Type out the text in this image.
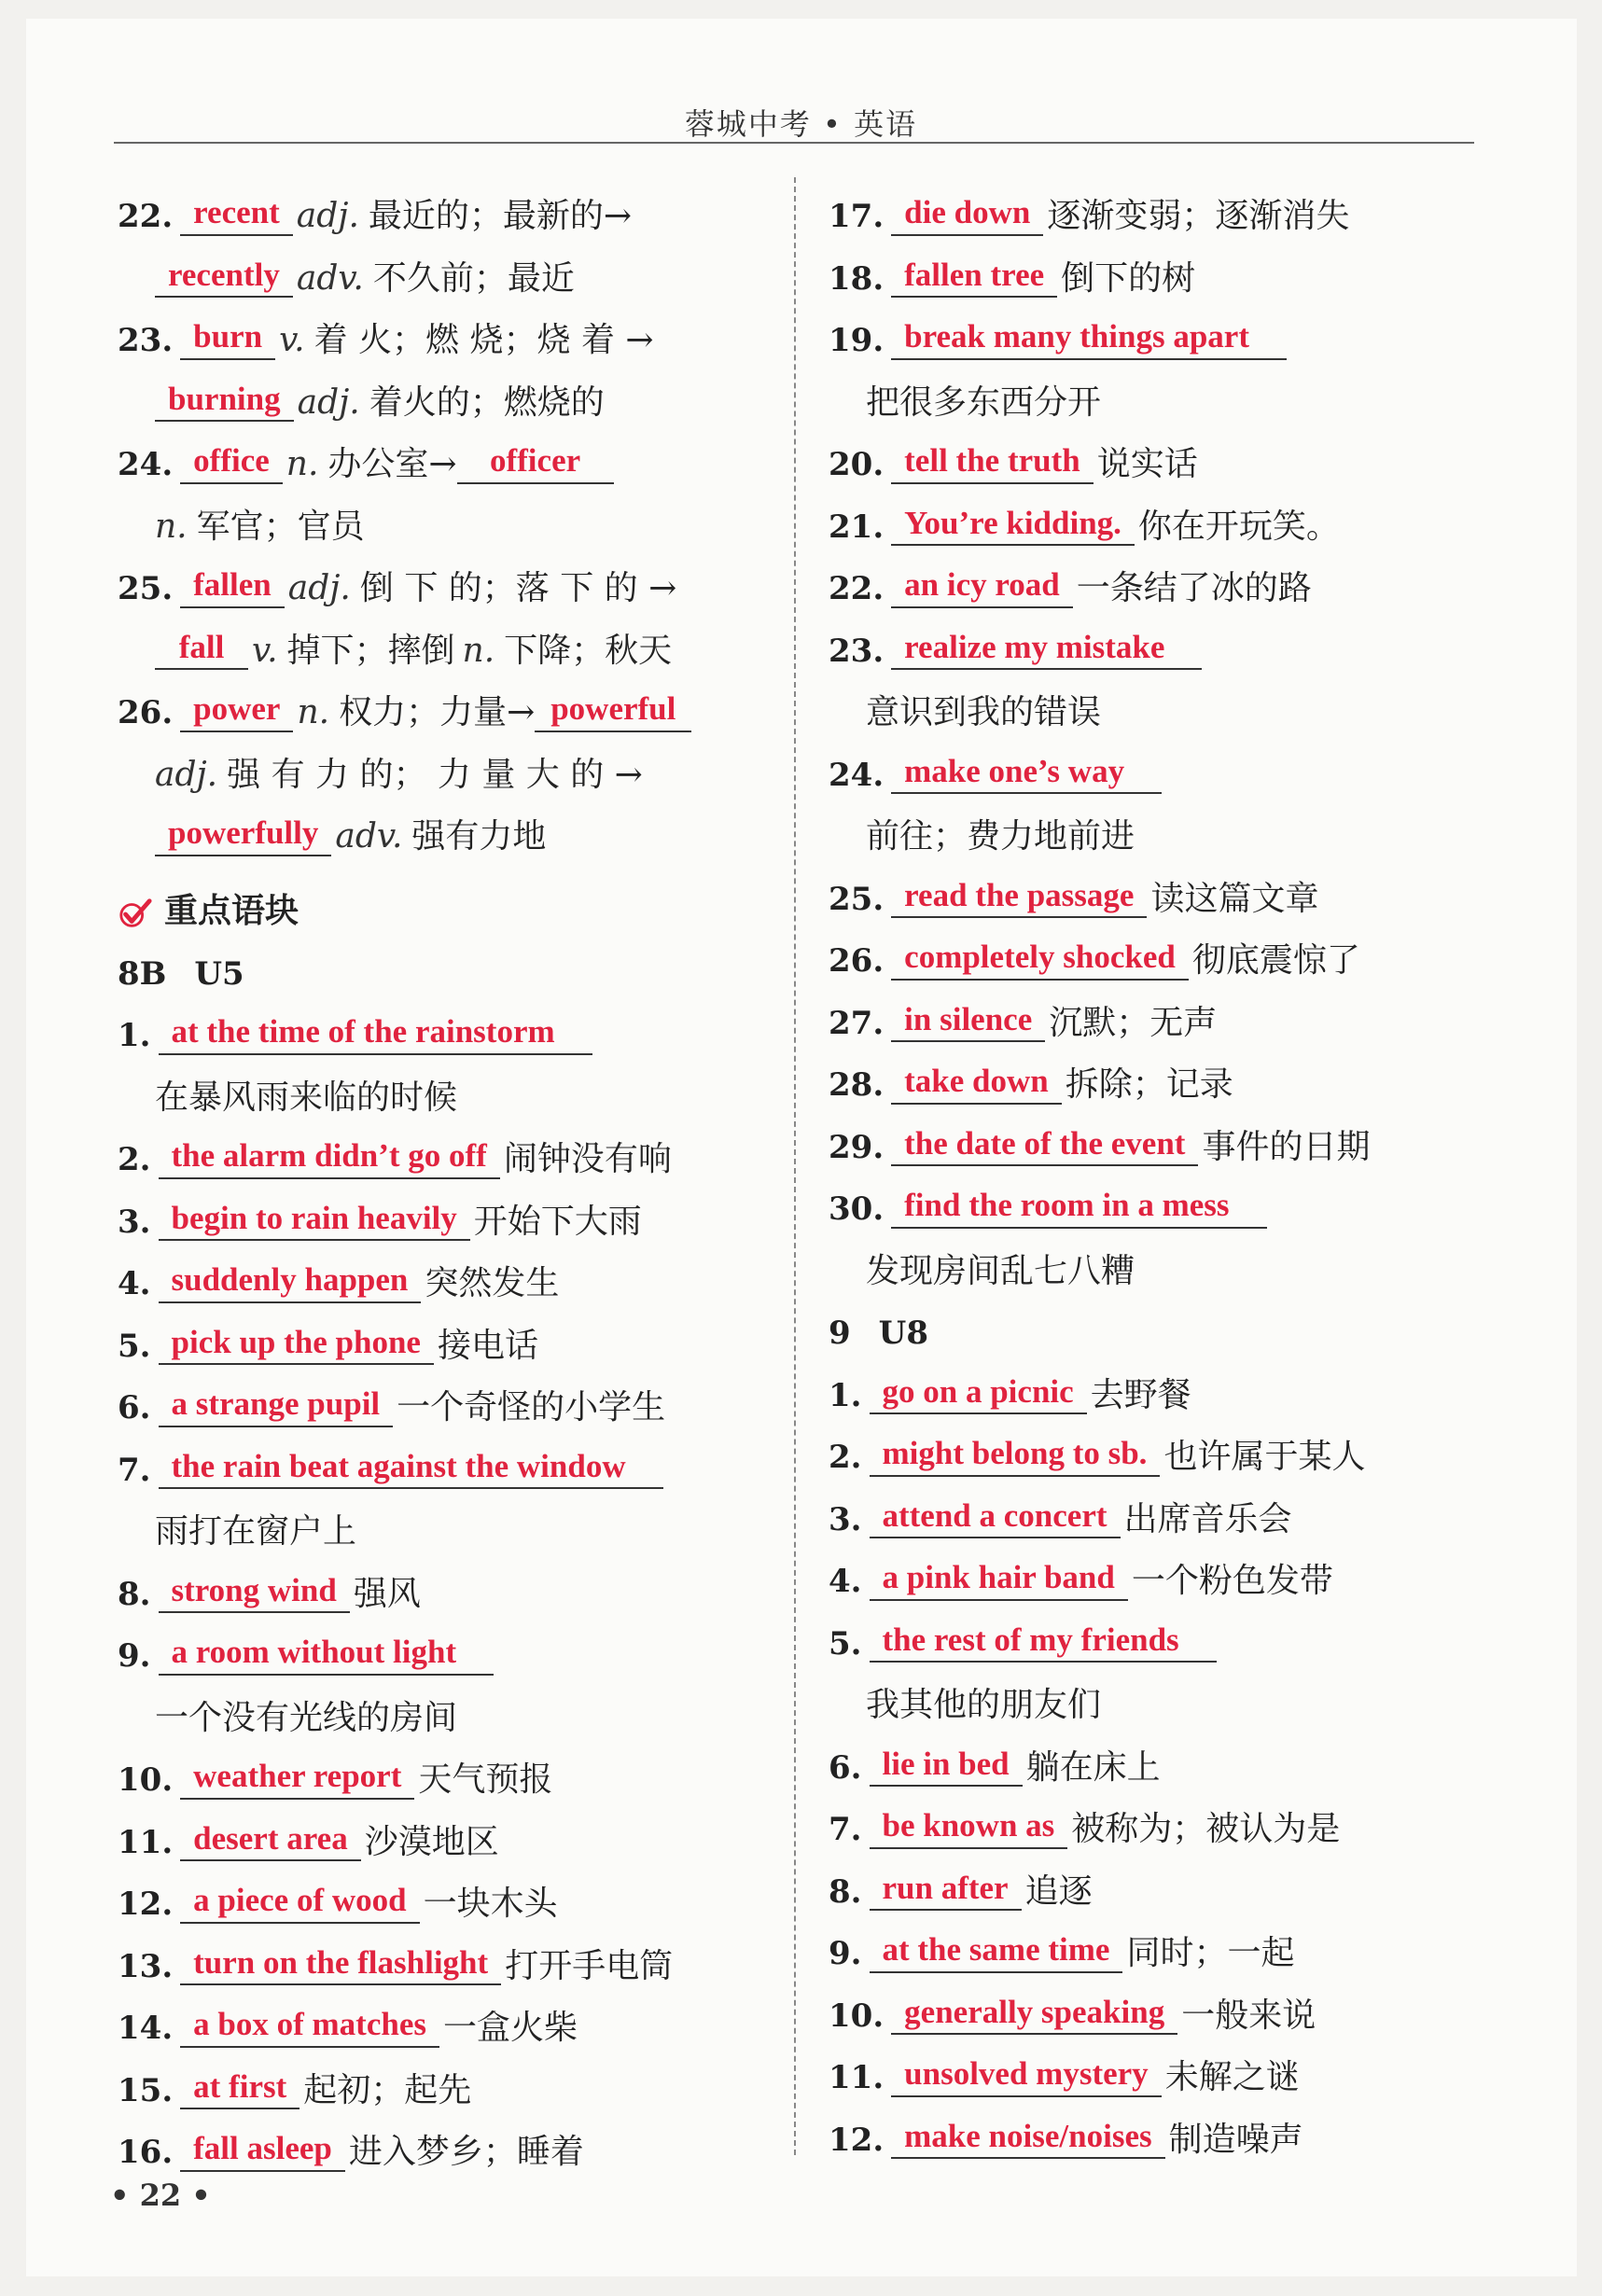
蓉城中考 • 英语
22. recent adj. 最近的；最新的→
recently adv. 不久前；最近
23. burn v. 着 火；燃 烧；烧 着 →
burning adj. 着火的；燃烧的
24. office n. 办公室→	officer
n. 军官；官员
25. fallen adj. 倒 下 的；落 下 的 →
fall v. 掉下；摔倒 n. 下降；秋天
26. power n. 权力；力量→ powerful
adj. 强 有 力 的； 力 量 大 的 →
powerfully adv. 强有力地
重点语块
8B U5
1. at the time of the rainstorm
在暴风雨来临的时候
2. the alarm didn’t go off 闹钟没有响
3. begin to rain heavily 开始下大雨
4. suddenly happen 突然发生
5. pick up the phone 接电话
6. a strange pupil 一个奇怪的小学生
7. the rain beat against the window
雨打在窗户上
8. strong wind 强风
9. a room without light
一个没有光线的房间
10. weather report 天气预报
11. desert area 沙漠地区
12. a piece of wood 一块木头
13. turn on the flashlight 打开手电筒
14. a box of matches 一盒火柴
15. at first 起初；起先
16. fall asleep 进入梦乡；睡着
17. die down 逐渐变弱；逐渐消失
18. fallen tree 倒下的树
19. break many things apart
把很多东西分开
20. tell the truth 说实话
21. You’re kidding. 你在开玩笑。
22. an icy road 一条结了冰的路
23. realize my mistake
意识到我的错误
24. make one’s way
前往；费力地前进
25. read the passage 读这篇文章
26. completely shocked 彻底震惊了
27. in silence 沉默；无声
28. take down 拆除；记录
29. the date of the event 事件的日期
30. find the room in a mess
发现房间乱七八糟
9 U8
1. go on a picnic 去野餐
2. might belong to sb. 也许属于某人
3. attend a concert 出席音乐会
4. a pink hair band 一个粉色发带
5. the rest of my friends
我其他的朋友们
6. lie in bed 躺在床上
7. be known as 被称为；被认为是
8. run after 追逐
9. at the same time 同时；一起
10. generally speaking 一般来说
11. unsolved mystery 未解之谜
12. make noise/noises 制造噪声
• 22 •
